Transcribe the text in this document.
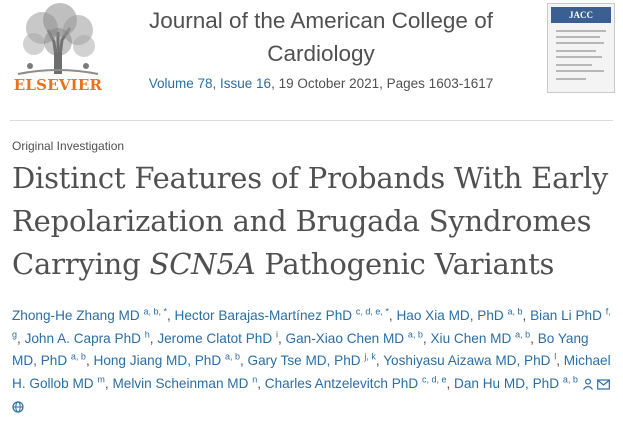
ELSEVIER
Journal of the American College of Cardiology
Volume 78, Issue 16, 19 October 2021, Pages 1603-1617
JACC
Original Investigation
Distinct Features of Probands With Early Repolarization and Brugada Syndromes Carrying SCN5A Pathogenic Variants
Zhong-He Zhang MD $^{a, b, *}$, Hector Barajas-Martínez PhD $^{c, d, e, *}$, Hao Xia MD, PhD $^{a, b}$, Bian Li PhD $^{f, g}$, John A. Capra PhD $^h$, Jerome Clatot PhD $^i$, Gan-Xiao Chen MD $^{a, b}$, Xiu Chen MD $^{a, b}$, Bo Yang MD, PhD $^{a, b}$, Hong Jiang MD, PhD $^{a, b}$, Gary Tse MD, PhD $^{j, k}$, Yoshiyasu Aizawa MD, PhD $^l$, Michael H. Gollob MD $^m$, Melvin Scheinman MD $^n$, Charles Antzelevitch PhD $^{c, d, e}$, Dan Hu MD, PhD $^{a, b}$
